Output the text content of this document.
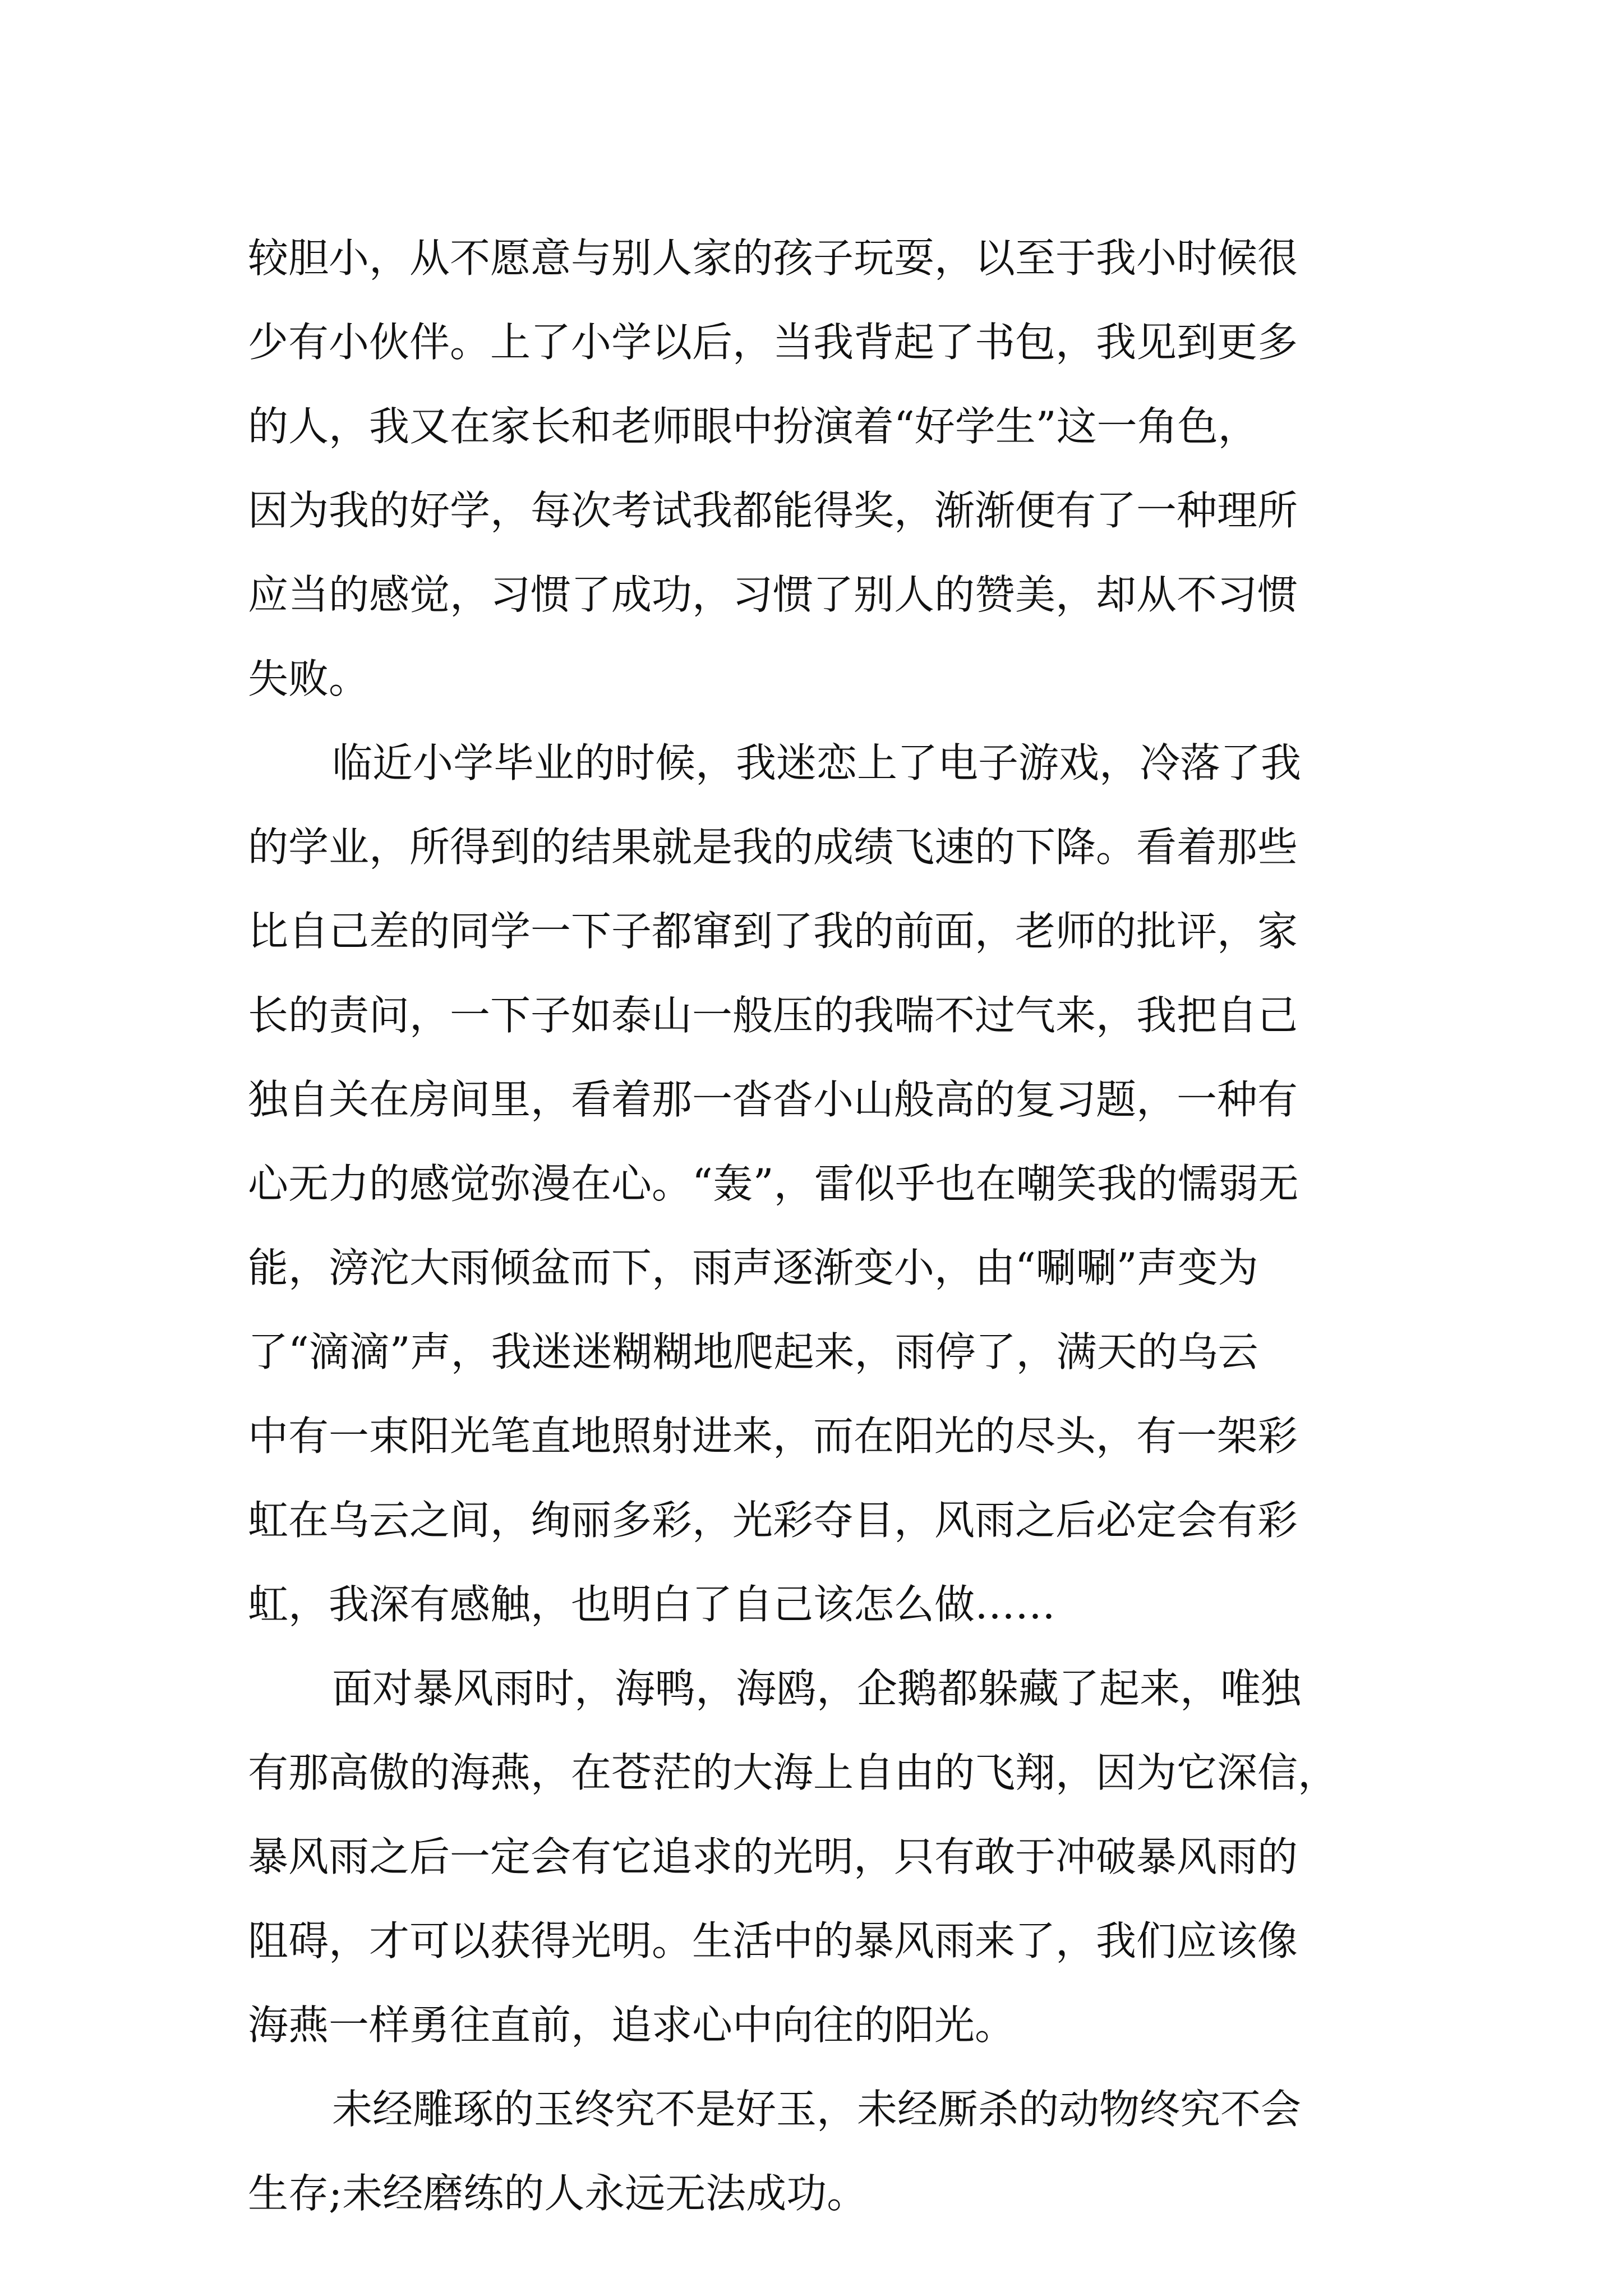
较胆小，从不愿意与别人家的孩子玩耍，以至于我小时候很
少有小伙伴。上了小学以后，当我背起了书包，我见到更多
的人，我又在家长和老师眼中扮演着“好学生”这一角色，
因为我的好学，每次考试我都能得奖，渐渐便有了一种理所
应当的感觉，习惯了成功，习惯了别人的赞美，却从不习惯
失败。
临近小学毕业的时候，我迷恋上了电子游戏，冷落了我
的学业，所得到的结果就是我的成绩飞速的下降。看着那些
比自己差的同学一下子都窜到了我的前面，老师的批评，家
长的责问，一下子如泰山一般压的我喘不过气来，我把自己
独自关在房间里，看着那一沓沓小山般高的复习题，一种有
心无力的感觉弥漫在心。“轰”，雷似乎也在嘲笑我的懦弱无
能，滂沱大雨倾盆而下，雨声逐渐变小，由“唰唰”声变为
了“滴滴”声，我迷迷糊糊地爬起来，雨停了，满天的乌云
中有一束阳光笔直地照射进来，而在阳光的尽头，有一架彩
虹在乌云之间，绚丽多彩，光彩夺目，风雨之后必定会有彩
虹，我深有感触，也明白了自己该怎么做……
面对暴风雨时，海鸭，海鸥，企鹅都躲藏了起来，唯独
有那高傲的海燕，在苍茫的大海上自由的飞翔，因为它深信，
暴风雨之后一定会有它追求的光明，只有敢于冲破暴风雨的
阻碍，才可以获得光明。生活中的暴风雨来了，我们应该像
海燕一样勇往直前，追求心中向往的阳光。
未经雕琢的玉终究不是好玉，未经厮杀的动物终究不会
生存;未经磨练的人永远无法成功。
